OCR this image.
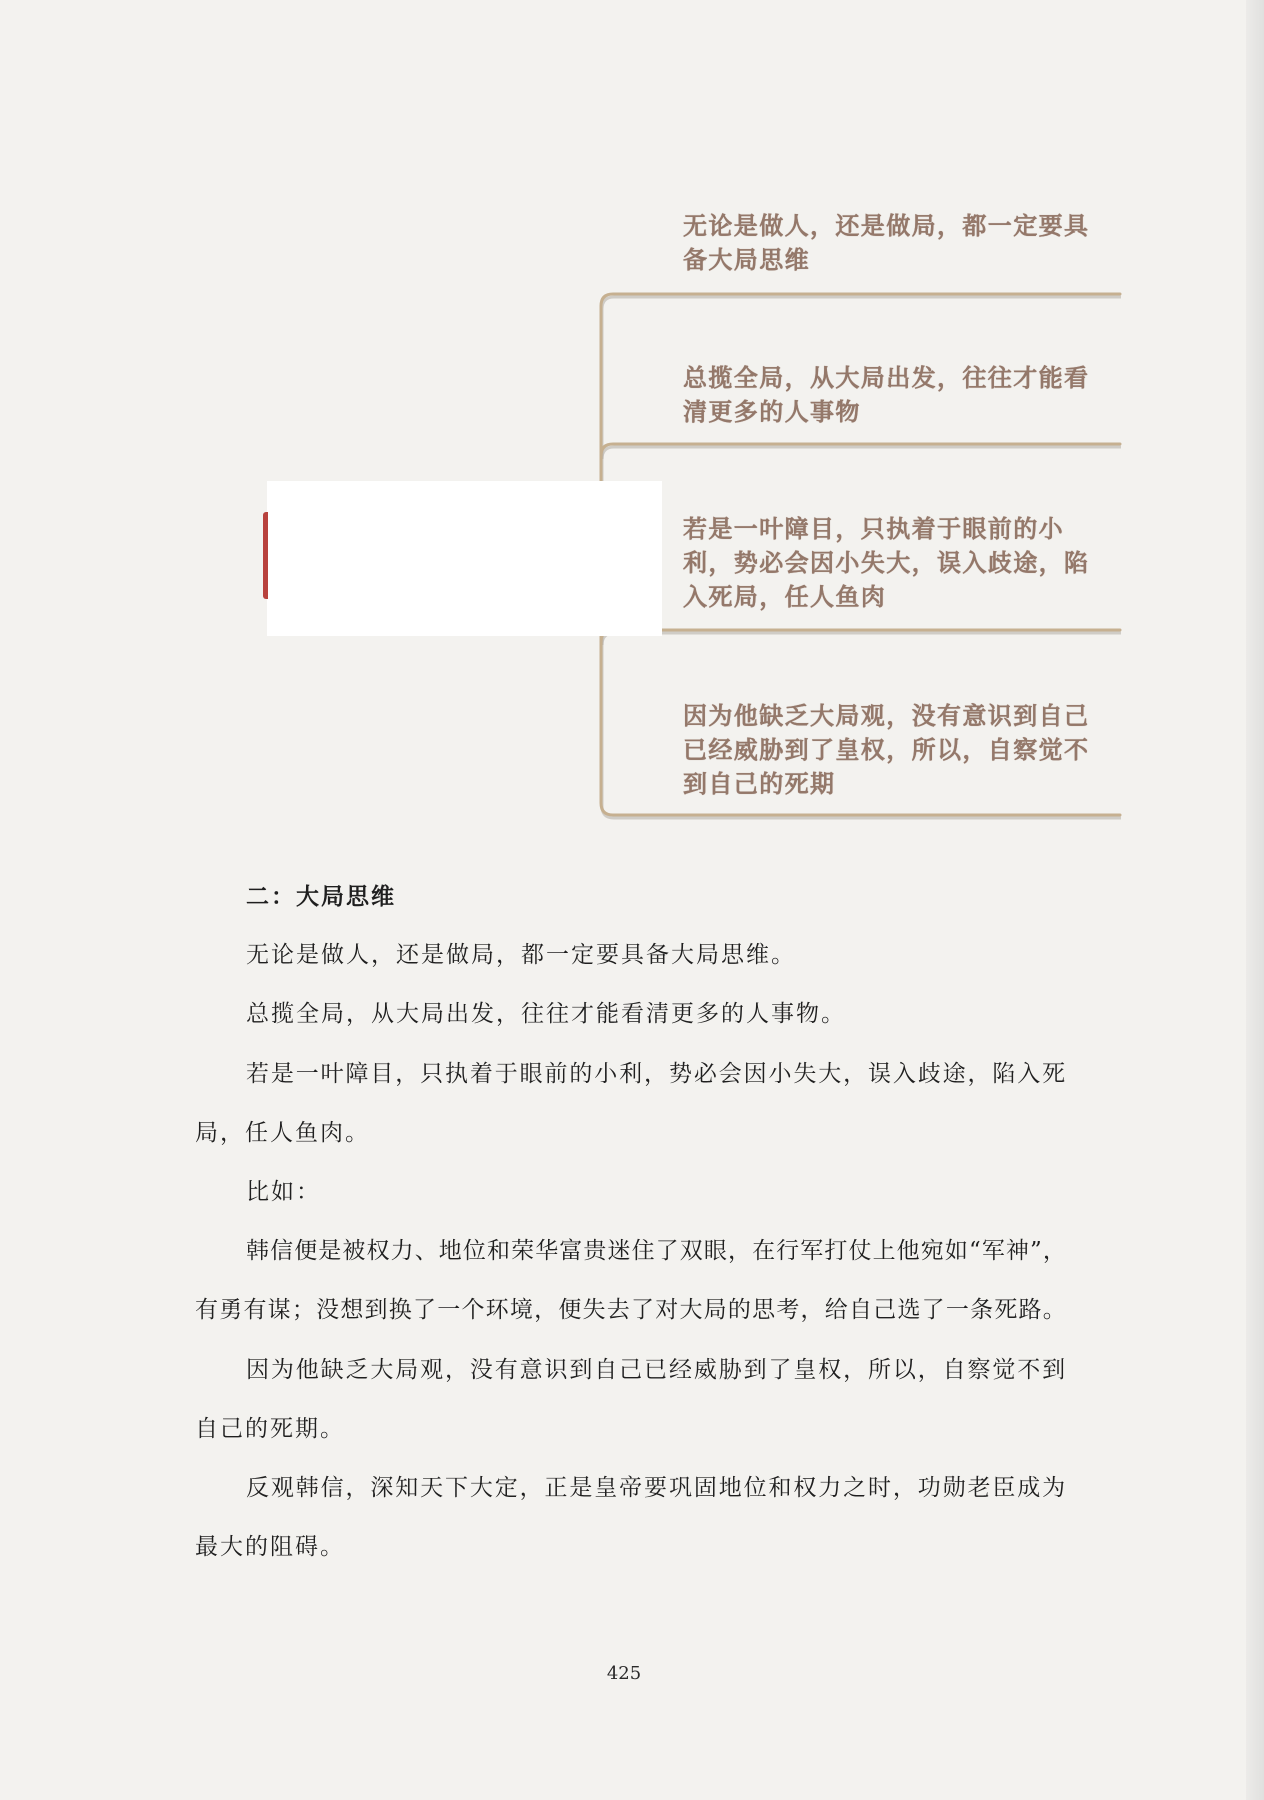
无论是做人，还是做局，都一定要具
备大局思维
总揽全局，从大局出发，往往才能看
清更多的人事物
若是一叶障目，只执着于眼前的小
利，势必会因小失大，误入歧途，陷
入死局，任人鱼肉
因为他缺乏大局观，没有意识到自己
已经威胁到了皇权，所以，自察觉不
到自己的死期
二：大局思维
无论是做人，还是做局，都一定要具备大局思维。
总揽全局，从大局出发，往往才能看清更多的人事物。
若是一叶障目，只执着于眼前的小利，势必会因小失大，误入歧途，陷入死
局，任人鱼肉。
比如：
韩信便是被权力、地位和荣华富贵迷住了双眼，在行军打仗上他宛如“军神”，
有勇有谋；没想到换了一个环境，便失去了对大局的思考，给自己选了一条死路。
因为他缺乏大局观，没有意识到自己已经威胁到了皇权，所以，自察觉不到
自己的死期。
反观韩信，深知天下大定，正是皇帝要巩固地位和权力之时，功勋老臣成为
最大的阻碍。
425
